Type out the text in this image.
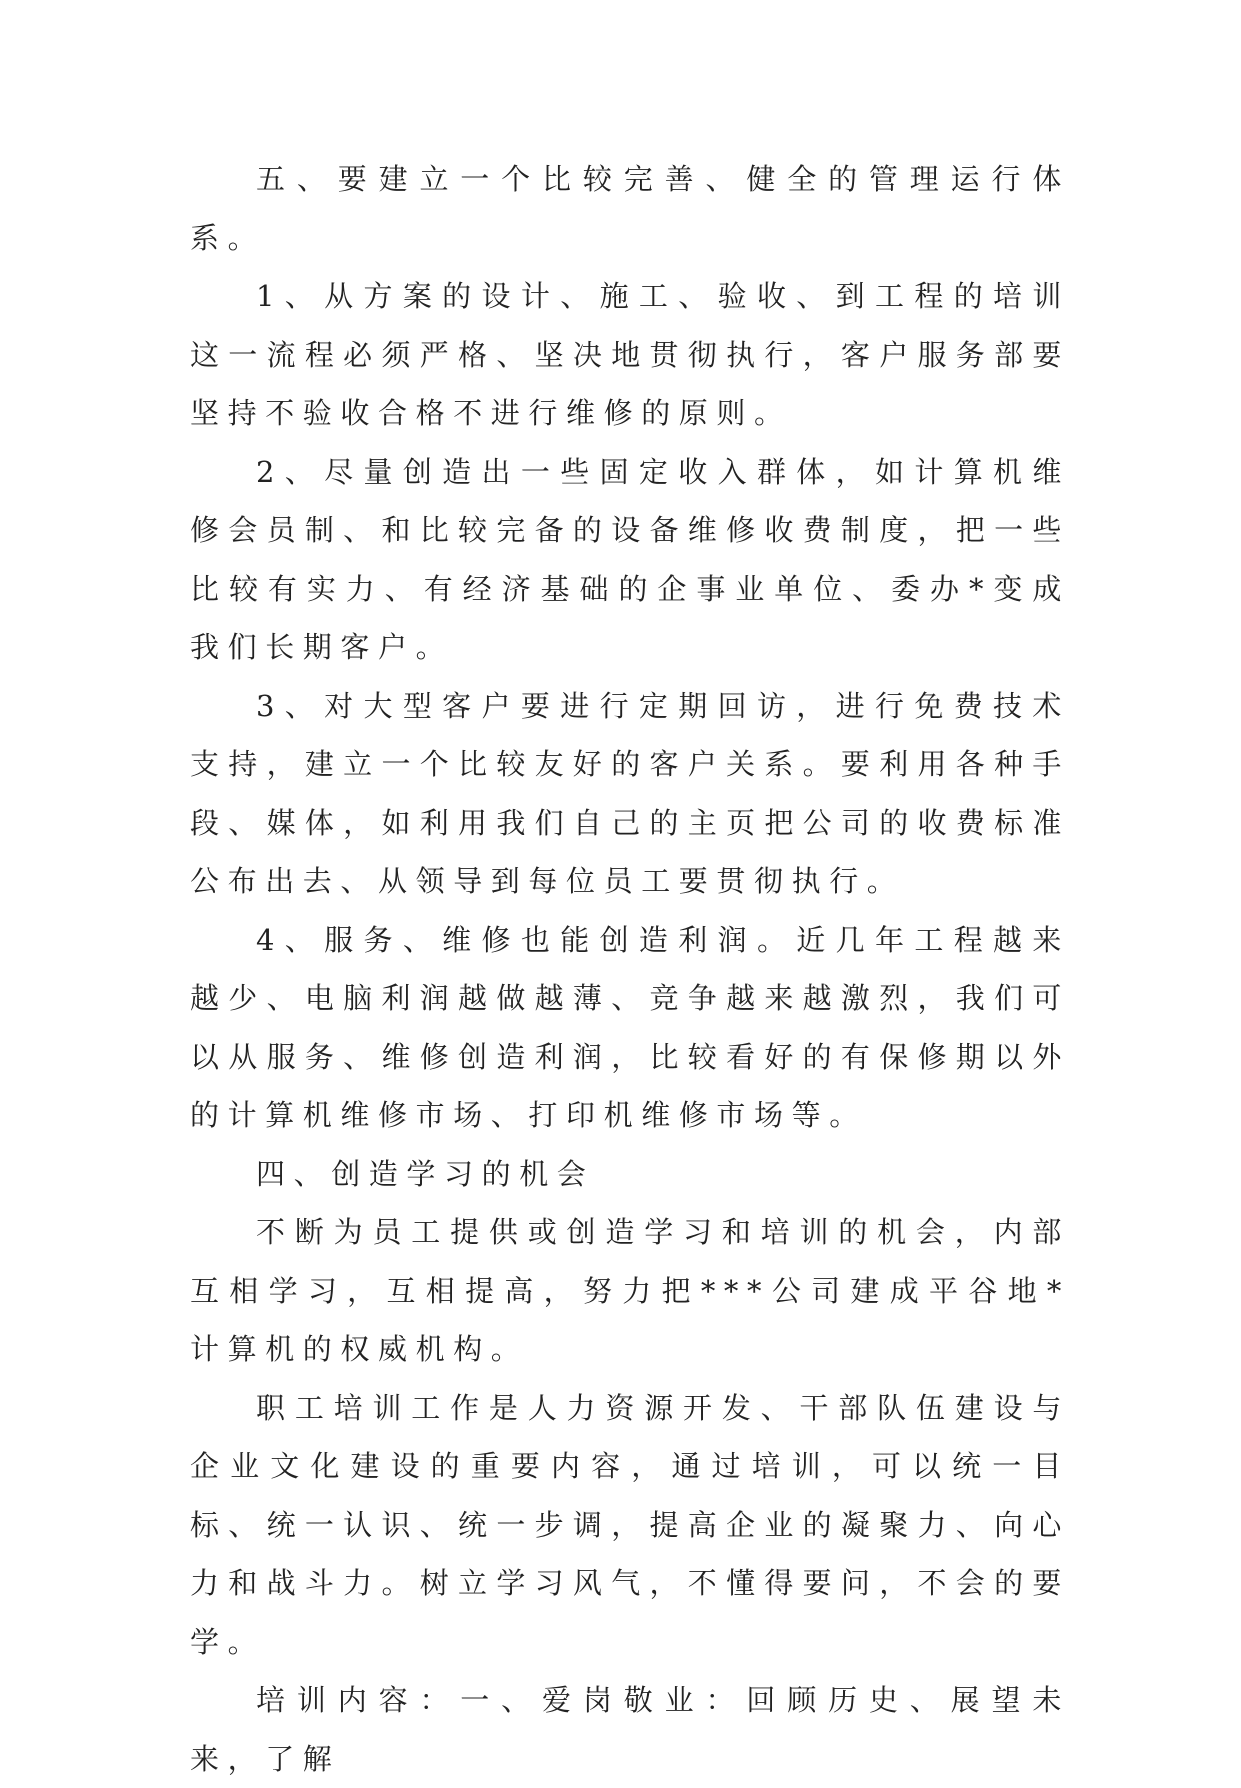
五、要建立一个比较完善、健全的管理运行体系。

1、从方案的设计、施工、验收、到工程的培训这一流程必须严格、坚决地贯彻执行，客户服务部要坚持不验收合格不进行维修的原则。

2、尽量创造出一些固定收入群体，如计算机维修会员制、和比较完备的设备维修收费制度，把一些比较有实力、有经济基础的企事业单位、委办*变成我们长期客户。

3、对大型客户要进行定期回访，进行免费技术支持，建立一个比较友好的客户关系。要利用各种手段、媒体，如利用我们自己的主页把公司的收费标准公布出去、从领导到每位员工要贯彻执行。

4、服务、维修也能创造利润。近几年工程越来越少、电脑利润越做越薄、竞争越来越激烈，我们可以从服务、维修创造利润，比较看好的有保修期以外的计算机维修市场、打印机维修市场等。

四、创造学习的机会

不断为员工提供或创造学习和培训的机会，内部互相学习，互相提高，努力把***公司建成平谷地*计算机的权威机构。

职工培训工作是人力资源开发、干部队伍建设与企业文化建设的重要内容，通过培训，可以统一目标、统一认识、统一步调，提高企业的凝聚力、向心力和战斗力。树立学习风气，不懂得要问，不会的要学。

培训内容：一、爱岗敬业：回顾历史、展望未来，了解
